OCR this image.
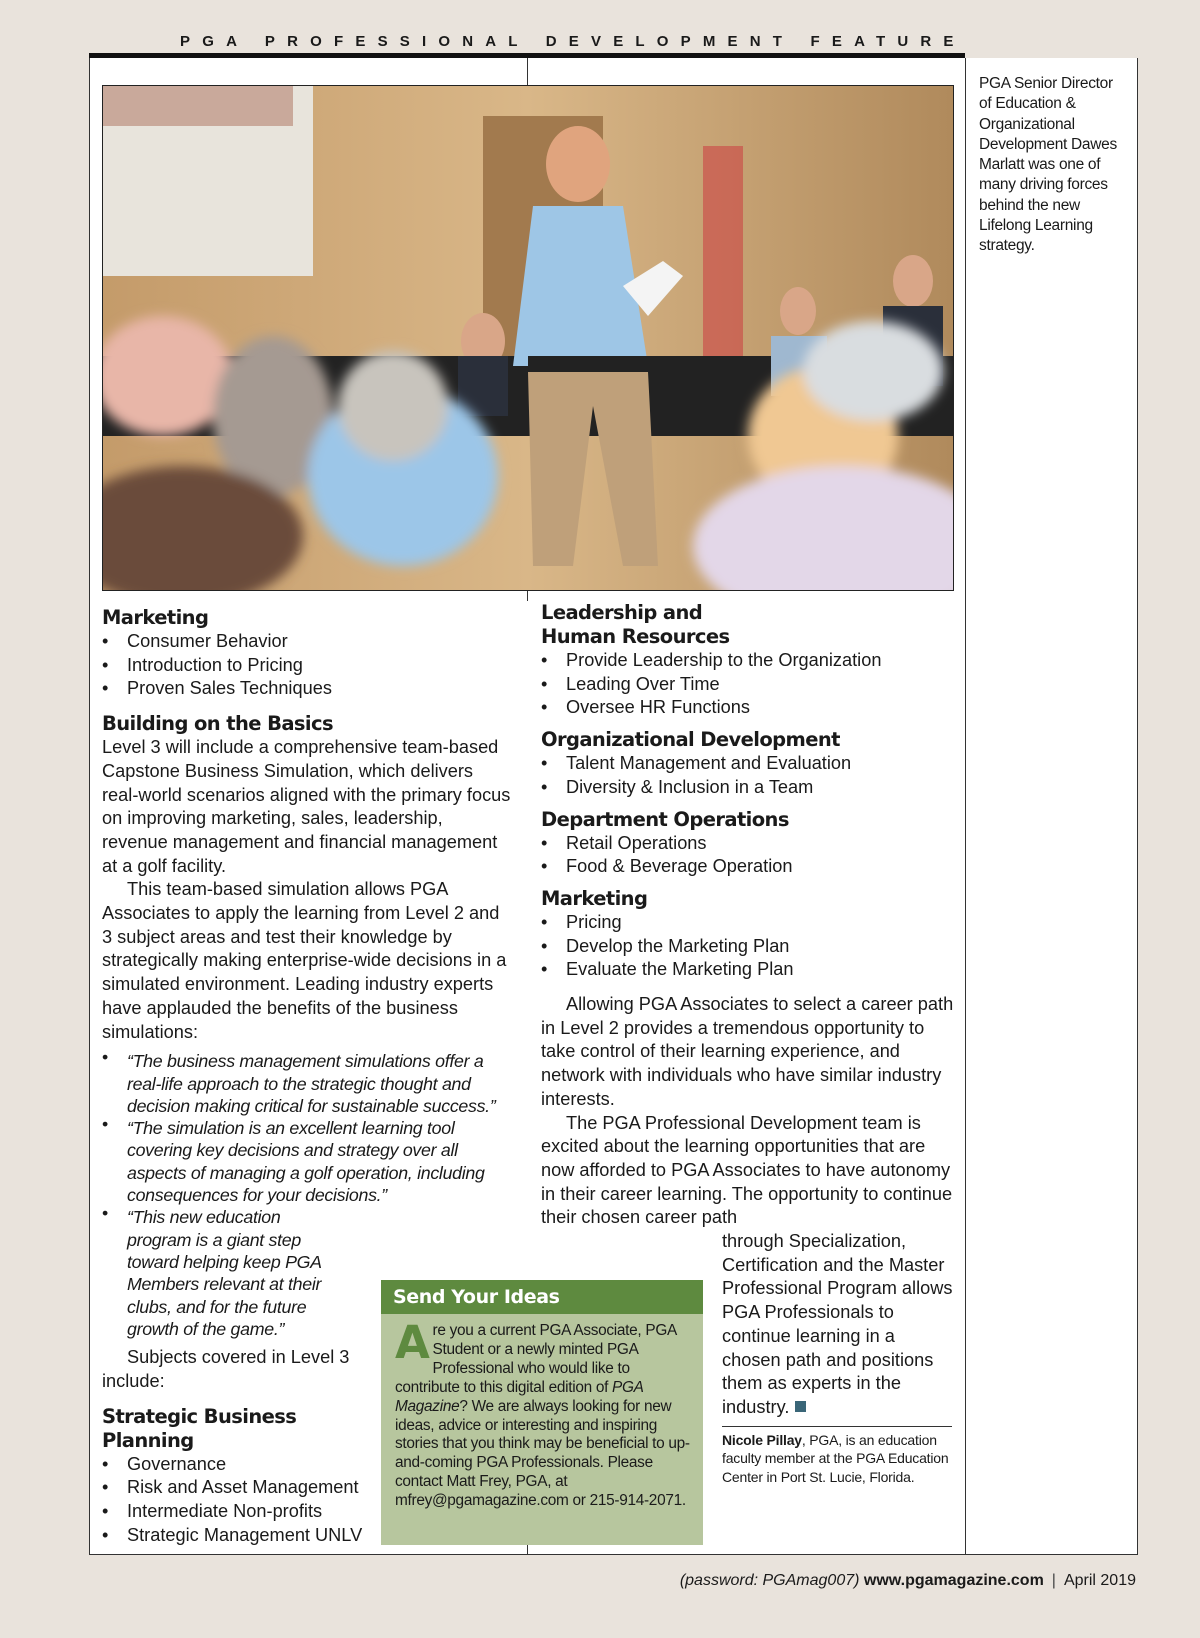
PGA PROFESSIONAL DEVELOPMENT FEATURE
PGA Senior Director of Education & Organizational Development Dawes Marlatt was one of many driving forces behind the new Lifelong Learning strategy.
Marketing
• Consumer Behavior
• Introduction to Pricing
• Proven Sales Techniques
Building on the Basics

Level 3 will include a comprehensive team-based Capstone Business Simulation, which delivers real-world scenarios aligned with the primary focus on improving marketing, sales, leadership, revenue management and financial management at a golf facility.

This team-based simulation allows PGA Associates to apply the learning from Level 2 and 3 subject areas and test their knowledge by strategically making enterprise-wide decisions in a simulated environment. Leading industry experts have applauded the benefits of the business simulations:

• “The business management simulations offer a real-life approach to the strategic thought and decision making critical for sustainable success.”
• “The simulation is an excellent learning tool covering key decisions and strategy over all aspects of managing a golf operation, including consequences for your decisions.”
• “This new education program is a giant step toward helping keep PGA Members relevant at their clubs, and for the future growth of the game.”

Subjects covered in Level 3 include:

Strategic Business Planning
• Governance
• Risk and Asset Management
• Intermediate Non-profits
• Strategic Management UNLV
Leadership and Human Resources
• Provide Leadership to the Organization
• Leading Over Time
• Oversee HR Functions
Organizational Development
• Talent Management and Evaluation
• Diversity & Inclusion in a Team
Department Operations
• Retail Operations
• Food & Beverage Operation
Marketing
• Pricing
• Develop the Marketing Plan
• Evaluate the Marketing Plan

Allowing PGA Associates to select a career path in Level 2 provides a tremendous opportunity to take control of their learning experience, and network with individuals who have similar industry interests.

The PGA Professional Development team is excited about the learning opportunities that are now afforded to PGA Associates to have autonomy in their career learning. The opportunity to continue their chosen career path

through Specialization, Certification and the Master Professional Program allows PGA Professionals to continue learning in a chosen path and positions them as experts in the industry.
Nicole Pillay, PGA, is an education faculty member at the PGA Education Center in Port St. Lucie, Florida.
Send Your Ideas
Are you a current PGA Associate, PGA Student or a newly minted PGA Professional who would like to contribute to this digital edition of PGA Magazine? We are always looking for new ideas, advice or interesting and inspiring stories that you think may be beneficial to up-and-coming PGA Professionals. Please contact Matt Frey, PGA, at mfrey@pgamagazine.com or 215-914-2071.
(password: PGAmag007) www.pgamagazine.com | April 2019
